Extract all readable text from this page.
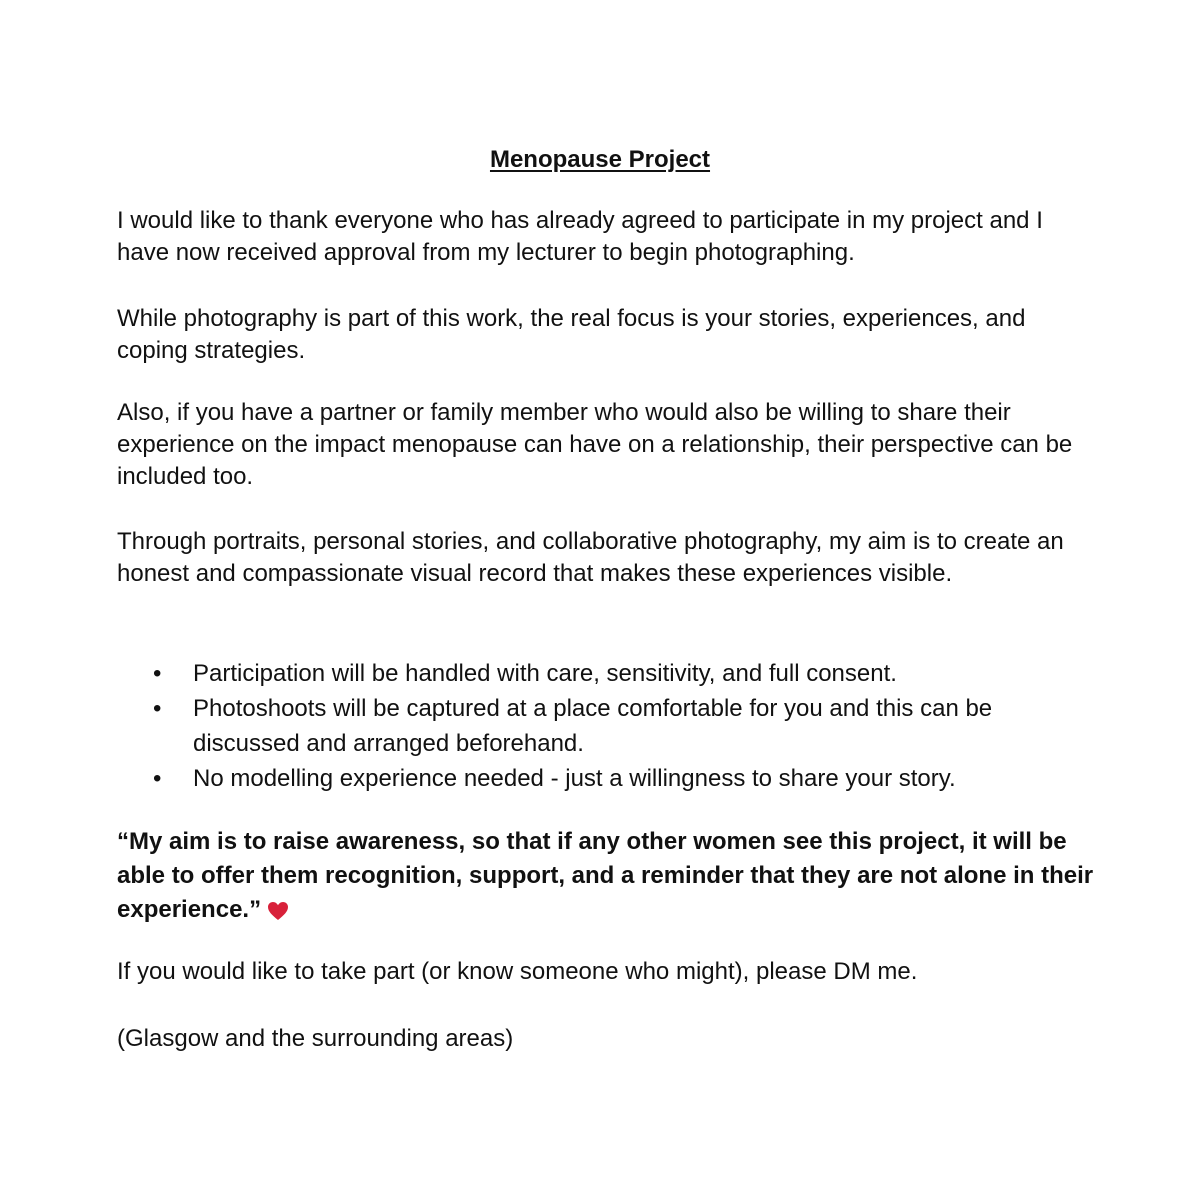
Menopause Project

I would like to thank everyone who has already agreed to participate in my project and I have now received approval from my lecturer to begin photographing.

While photography is part of this work, the real focus is your stories, experiences, and coping strategies.

Also, if you have a partner or family member who would also be willing to share their experience on the impact menopause can have on a relationship, their perspective can be included too.

Through portraits, personal stories, and collaborative photography, my aim is to create an honest and compassionate visual record that makes these experiences visible.

• Participation will be handled with care, sensitivity, and full consent.
• Photoshoots will be captured at a place comfortable for you and this can be discussed and arranged beforehand.
• No modelling experience needed - just a willingness to share your story.

“My aim is to raise awareness, so that if any other women see this project, it will be able to offer them recognition, support, and a reminder that they are not alone in their experience.”

If you would like to take part (or know someone who might), please DM me.

(Glasgow and the surrounding areas)
